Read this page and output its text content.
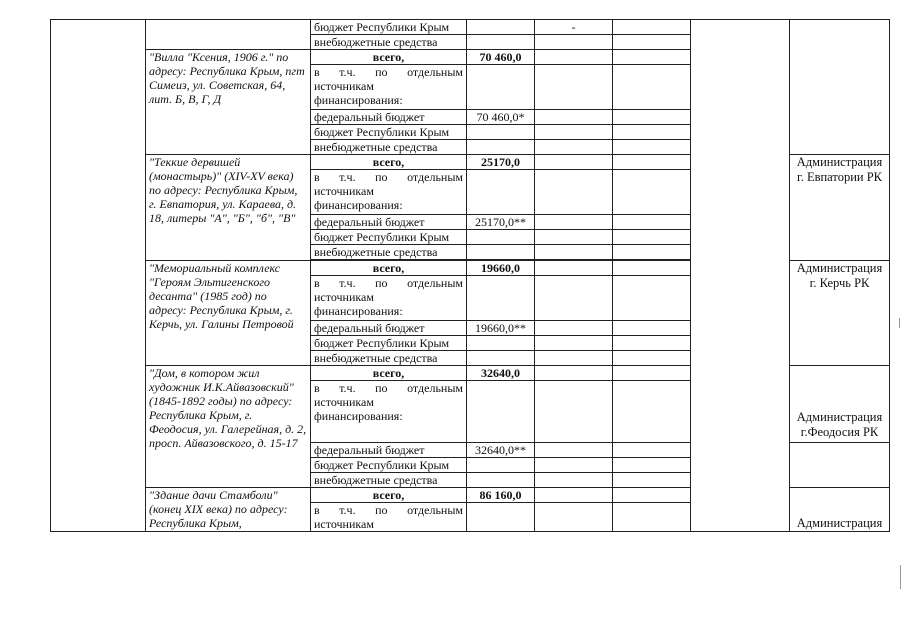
		бюджет Республики Крым		-			
		внебюджетные средства					
	"Вилла "Ксения, 1906 г." по адресу: Республика Крым, пгт Симеиз, ул. Советская, 64, лит. Б, В, Г, Д	всего,	70 460,0				
		в т.ч. по отдельным источникам финансирования:					
		федеральный бюджет	70 460,0*				
		бюджет Республики Крым					
		внебюджетные средства					
	"Теккие дервишей (монастырь)" (XIV-XV века) по адресу: Республика Крым, г. Евпатория, ул. Караева, д. 18, литеры "А", "Б", "б", "В"	всего,	25170,0				Администрация г. Евпатории РК
		в т.ч. по отдельным источникам финансирования:					
		федеральный бюджет	25170,0**				
		бюджет Республики Крым					
		внебюджетные средства					

	"Мемориальный комплекс "Героям Эльтигенского десанта" (1985 год) по адресу: Республика Крым, г. Керчь, ул. Галины Петровой	всего,	19660,0				Администрация г. Керчь РК
		в т.ч. по отдельным источникам финансирования:					
		федеральный бюджет	19660,0**				
		бюджет Республики Крым					
		внебюджетные средства					
	"Дом, в котором жил художник И.К.Айвазовский" (1845-1892 годы) по адресу: Республика Крым, г. Феодосия, ул. Галерейная, д. 2, просп. Айвазовского, д. 15-17	всего,	32640,0				Администрация г.Феодосия РК
		в т.ч. по отдельным источникам финансирования:					
		федеральный бюджет	32640,0**				
		бюджет Республики Крым					
		внебюджетные средства					
	"Здание дачи Стамболи" (конец XIX века) по адресу: Республика Крым,	всего,	86 160,0				Администрация
		в т.ч. по отдельным источникам					
